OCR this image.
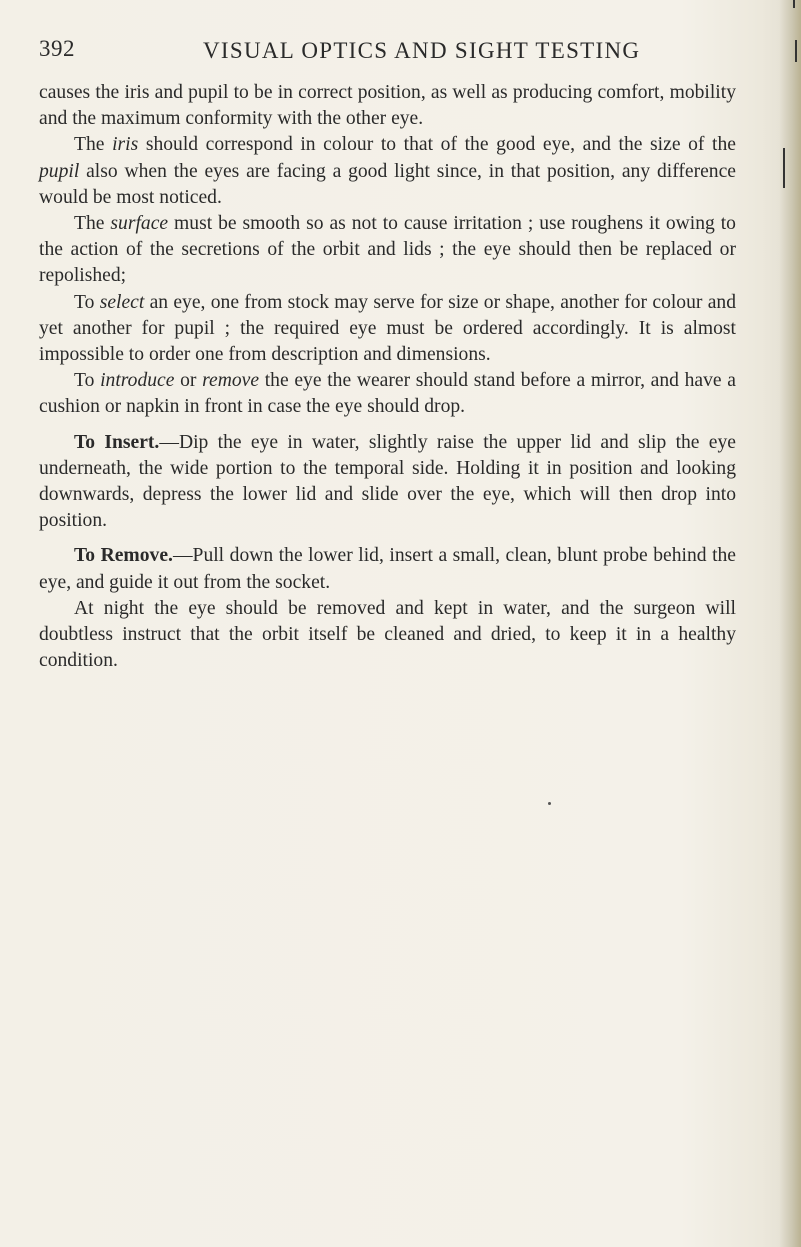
392	VISUAL OPTICS AND SIGHT TESTING

causes the iris and pupil to be in correct position, as well as producing comfort, mobility and the maximum conformity with the other eye.

The iris should correspond in colour to that of the good eye, and the size of the pupil also when the eyes are facing a good light since, in that position, any difference would be most noticed.

The surface must be smooth so as not to cause irritation ; use roughens it owing to the action of the secretions of the orbit and lids ; the eye should then be replaced or repolished;

To select an eye, one from stock may serve for size or shape, another for colour and yet another for pupil ; the required eye must be ordered accordingly. It is almost impossible to order one from description and dimensions.

To introduce or remove the eye the wearer should stand before a mirror, and have a cushion or napkin in front in case the eye should drop.

To Insert.—Dip the eye in water, slightly raise the upper lid and slip the eye underneath, the wide portion to the temporal side. Holding it in position and looking downwards, depress the lower lid and slide over the eye, which will then drop into position.

To Remove.—Pull down the lower lid, insert a small, clean, blunt probe behind the eye, and guide it out from the socket.

At night the eye should be removed and kept in water, and the surgeon will doubtless instruct that the orbit itself be cleaned and dried, to keep it in a healthy condition.
